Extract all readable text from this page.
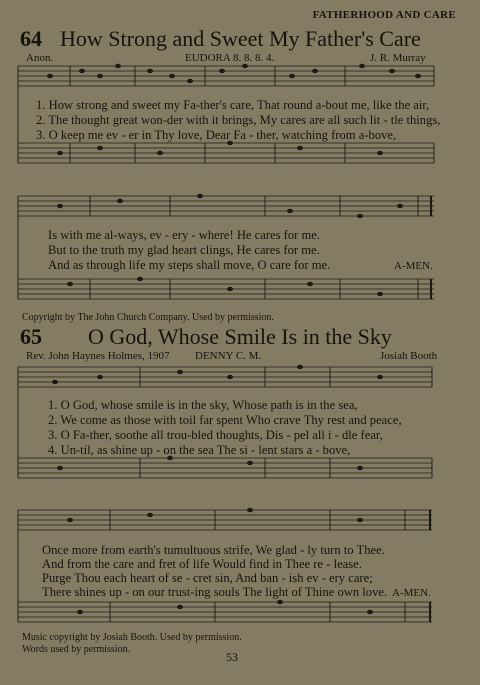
FATHERHOOD AND CARE
64 How Strong and Sweet My Father's Care
Anon.	EUDORA 8. 8. 8. 4.	J. R. Murray
1. How strong and sweet my Fa-ther's care, That round a-bout me, like the air,
2. The thought great won-der with it brings, My cares are all such lit - tle things,
3. O keep me ev - er in Thy love, Dear Fa - ther, watching from a-bove,
Is with me al-ways, ev - ery - where! He cares for me.
But to the truth my glad heart clings, He cares for me.
And as through life my steps shall move, O care for me.	A-MEN.
Copyright by The John Church Company. Used by permission.
65 O God, Whose Smile Is in the Sky
Rev. John Haynes Holmes, 1907 DENNY C. M.	Josiah Booth
1. O God, whose smile is in the sky, Whose path is in the sea,
2. We come as those with toil far spent Who crave Thy rest and peace,
3. O Fa-ther, soothe all trou-bled thoughts, Dis - pel all i - dle fear,
4. Un-til, as shine up - on the sea The si - lent stars a - bove,
Once more from earth's tumultuous strife, We glad - ly turn to Thee.
And from the care and fret of life Would find in Thee re - lease.
Purge Thou each heart of se - cret sin, And ban - ish ev - ery care;
There shines up - on our trust-ing souls The light of Thine own love. A-MEN.
Music copyright by Josiah Booth. Used by permission.
Words used by permission.
53
